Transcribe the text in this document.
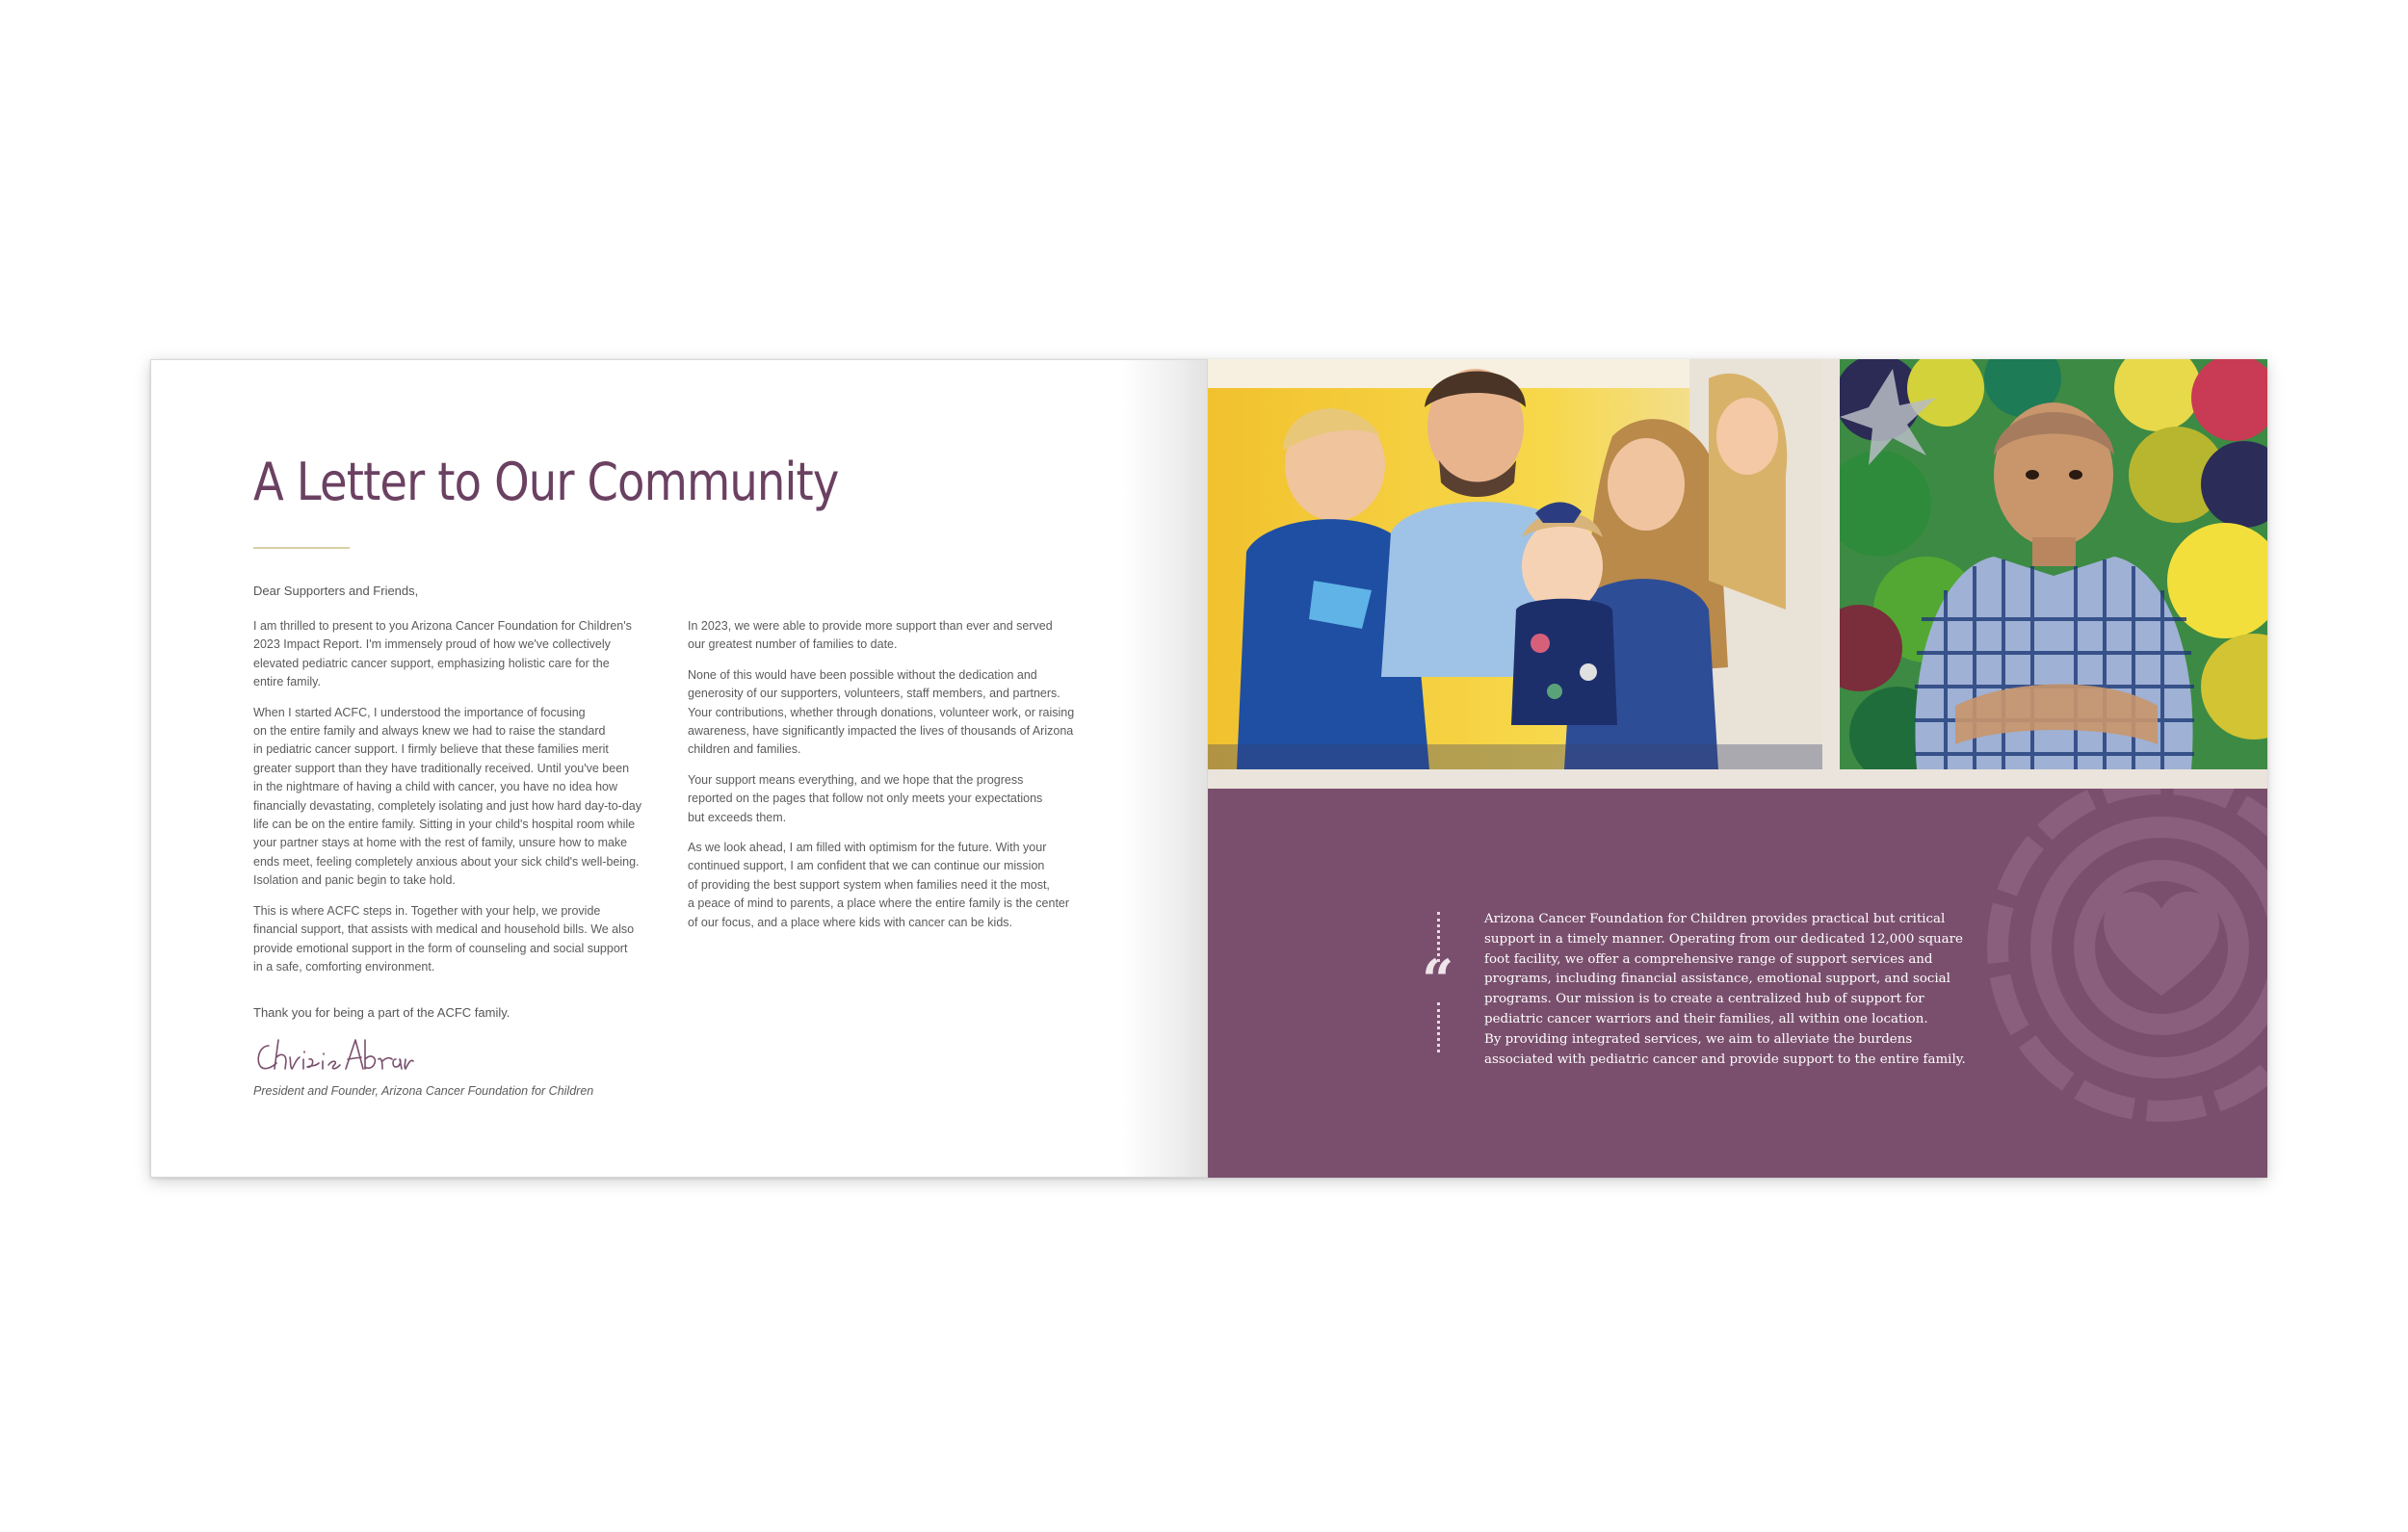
A Letter to Our Community

Dear Supporters and Friends,

I am thrilled to present to you Arizona Cancer Foundation for Children's
2023 Impact Report. I'm immensely proud of how we've collectively
elevated pediatric cancer support, emphasizing holistic care for the
entire family.

When I started ACFC, I understood the importance of focusing
on the entire family and always knew we had to raise the standard
in pediatric cancer support. I firmly believe that these families merit
greater support than they have traditionally received. Until you've been
in the nightmare of having a child with cancer, you have no idea how
financially devastating, completely isolating and just how hard day-to-day
life can be on the entire family. Sitting in your child's hospital room while
your partner stays at home with the rest of family, unsure how to make
ends meet, feeling completely anxious about your sick child's well-being.
Isolation and panic begin to take hold.

This is where ACFC steps in. Together with your help, we provide
financial support, that assists with medical and household bills. We also
provide emotional support in the form of counseling and social support
in a safe, comforting environment.

In 2023, we were able to provide more support than ever and served
our greatest number of families to date.

None of this would have been possible without the dedication and
generosity of our supporters, volunteers, staff members, and partners.
Your contributions, whether through donations, volunteer work, or raising
awareness, have significantly impacted the lives of thousands of Arizona
children and families.

Your support means everything, and we hope that the progress
reported on the pages that follow not only meets your expectations
but exceeds them.

As we look ahead, I am filled with optimism for the future. With your
continued support, I am confident that we can continue our mission
of providing the best support system when families need it the most,
a peace of mind to parents, a place where the entire family is the center
of our focus, and a place where kids with cancer can be kids.

Thank you for being a part of the ACFC family.

President and Founder, Arizona Cancer Foundation for Children

“

Arizona Cancer Foundation for Children provides practical but critical
support in a timely manner. Operating from our dedicated 12,000 square
foot facility, we offer a comprehensive range of support services and
programs, including financial assistance, emotional support, and social
programs. Our mission is to create a centralized hub of support for
pediatric cancer warriors and their families, all within one location.
By providing integrated services, we aim to alleviate the burdens
associated with pediatric cancer and provide support to the entire family.
